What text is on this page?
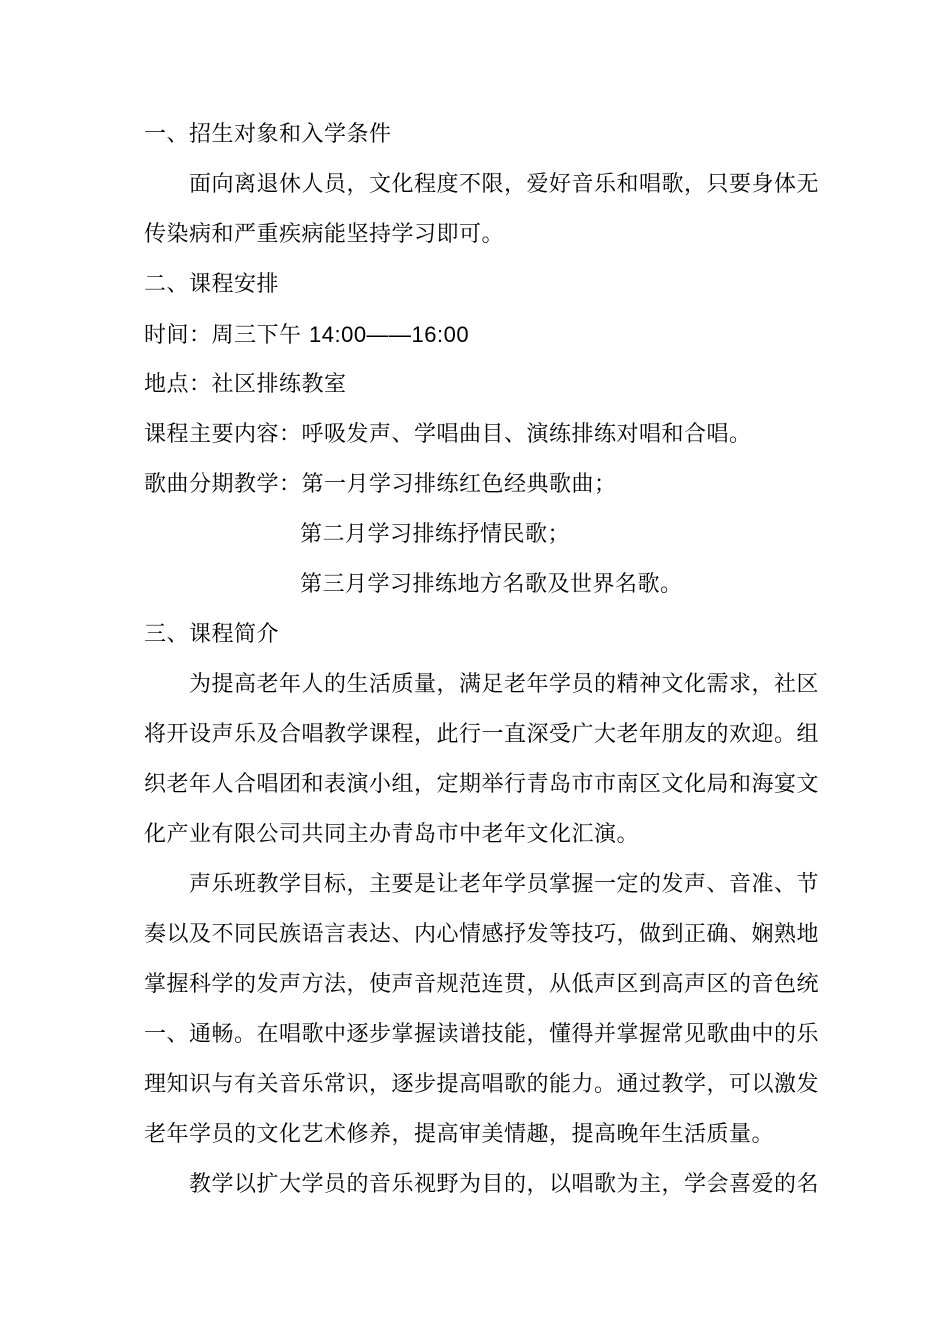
一、招生对象和入学条件
面向离退休人员，文化程度不限，爱好音乐和唱歌，只要身体无
传染病和严重疾病能坚持学习即可。
二、课程安排
时间：周三下午 14:00——16:00
地点：社区排练教室
课程主要内容：呼吸发声、学唱曲目、演练排练对唱和合唱。
歌曲分期教学：第一月学习排练红色经典歌曲；
第二月学习排练抒情民歌；
第三月学习排练地方名歌及世界名歌。
三、课程简介
为提高老年人的生活质量，满足老年学员的精神文化需求，社区
将开设声乐及合唱教学课程，此行一直深受广大老年朋友的欢迎。组
织老年人合唱团和表演小组，定期举行青岛市市南区文化局和海宴文
化产业有限公司共同主办青岛市中老年文化汇演。
声乐班教学目标，主要是让老年学员掌握一定的发声、音准、节
奏以及不同民族语言表达、内心情感抒发等技巧，做到正确、娴熟地
掌握科学的发声方法，使声音规范连贯，从低声区到高声区的音色统
一、通畅。在唱歌中逐步掌握读谱技能，懂得并掌握常见歌曲中的乐
理知识与有关音乐常识，逐步提高唱歌的能力。通过教学，可以激发
老年学员的文化艺术修养，提高审美情趣，提高晚年生活质量。
教学以扩大学员的音乐视野为目的，以唱歌为主，学会喜爱的名
